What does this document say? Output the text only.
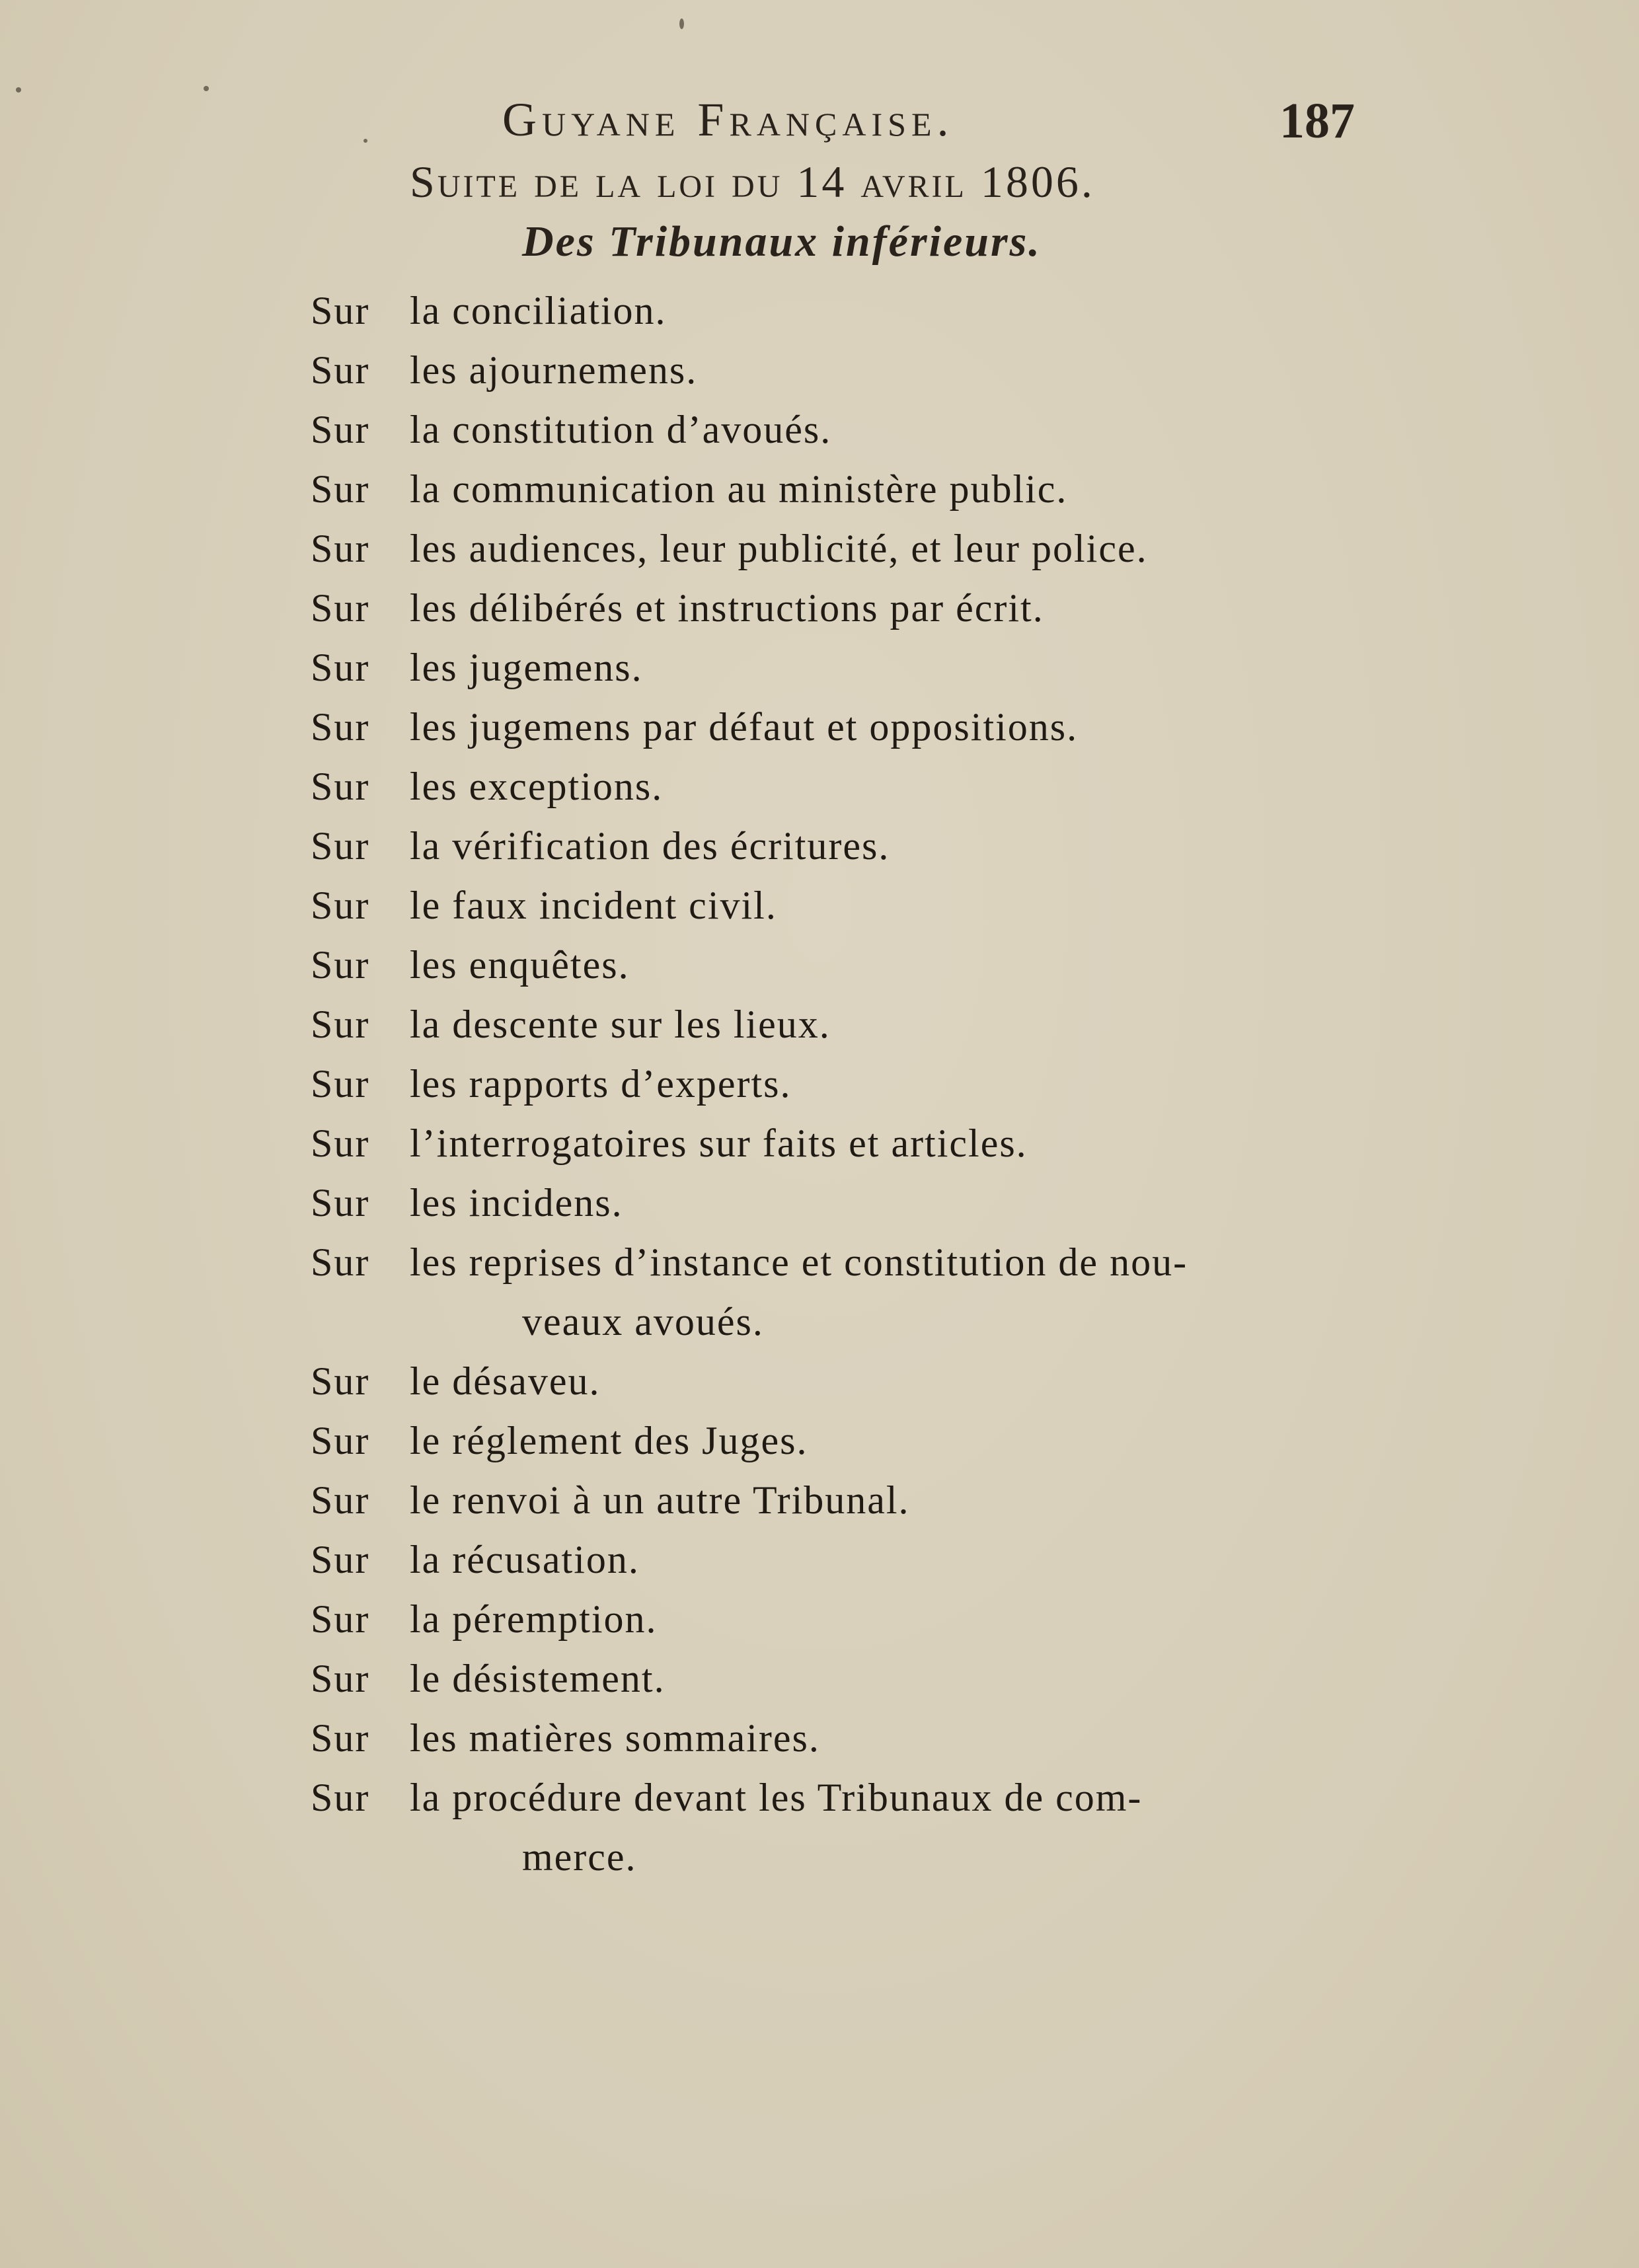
Guyane Française.	187
Suite de la loi du 14 avril 1806.
Des Tribunaux inférieurs.
Sur la conciliation.
Sur les ajournemens.
Sur la constitution d’avoués.
Sur la communication au ministère public.
Sur les audiences, leur publicité, et leur police.
Sur les délibérés et instructions par écrit.
Sur les jugemens.
Sur les jugemens par défaut et oppositions.
Sur les exceptions.
Sur la vérification des écritures.
Sur le faux incident civil.
Sur les enquêtes.
Sur la descente sur les lieux.
Sur les rapports d’experts.
Sur l’interrogatoires sur faits et articles.
Sur les incidens.
Sur les reprises d’instance et constitution de nou-
veaux avoués.
Sur le désaveu.
Sur le réglement des Juges.
Sur le renvoi à un autre Tribunal.
Sur la récusation.
Sur la péremption.
Sur le désistement.
Sur les matières sommaires.
Sur la procédure devant les Tribunaux de com-
merce.
